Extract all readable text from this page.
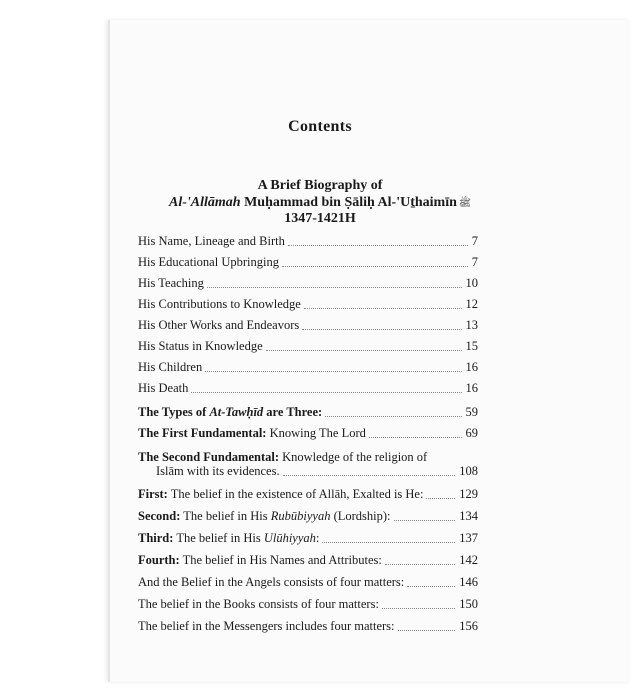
Contents
A Brief Biography of
Al-'Allāmah Muḥammad bin Ṣāliḥ Al-'Uṯhaimīn ﷺ
1347-1421H
His Name, Lineage and Birth	7
His Educational Upbringing	7
His Teaching	10
His Contributions to Knowledge	12
His Other Works and Endeavors	13
His Status in Knowledge	15
His Children	16
His Death	16
The Types of At-Tawḥīd are Three:	59
The First Fundamental: Knowing The Lord	69
The Second Fundamental: Knowledge of the religion of
Islām with its evidences.	108
First: The belief in the existence of Allāh, Exalted is He:	129
Second: The belief in His Rubūbiyyah (Lordship):	134
Third: The belief in His Ulūhiyyah:	137
Fourth: The belief in His Names and Attributes:	142
And the Belief in the Angels consists of four matters:	146
The belief in the Books consists of four matters:	150
The belief in the Messengers includes four matters:	156
